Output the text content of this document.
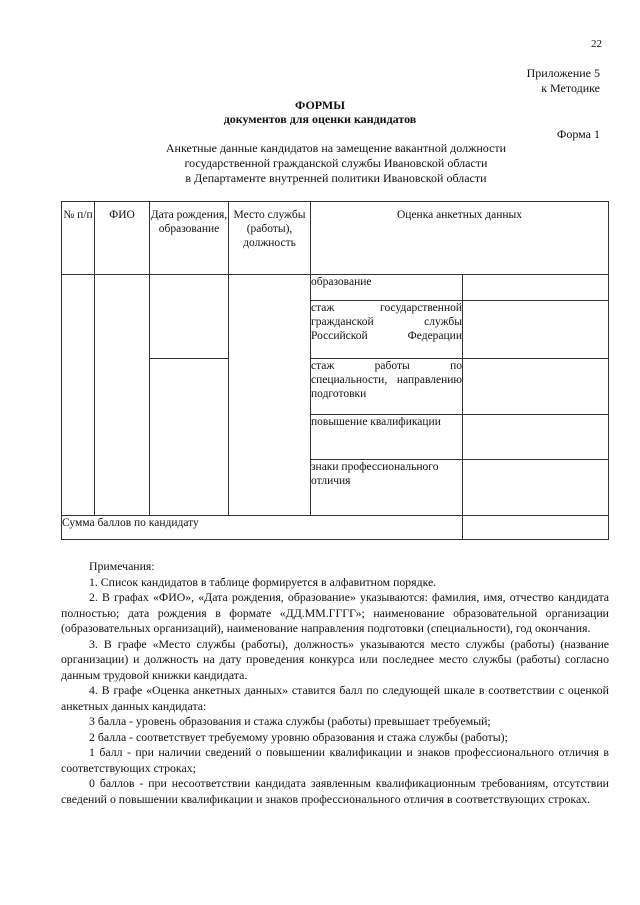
22
Приложение 5
к Методике
ФОРМЫ
документов для оценки кандидатов
Форма 1
Анкетные данные кандидатов на замещение вакантной должности
государственной гражданской службы Ивановской области
в Департаменте внутренней политики Ивановской области
№ п/п	ФИО	Дата рождения, образование	Место службы (работы), должность	Оценка анкетных данных	
				образование	
				стаж государственной гражданской службы Российской Федерации	
				стаж работы по специальности, направлению подготовки	
				повышение квалификации	
				знаки профессионального отличия	
Сумма баллов по кандидату					

Примечания:

1. Список кандидатов в таблице формируется в алфавитном порядке.

2. В графах «ФИО», «Дата рождения, образование» указываются: фамилия, имя, отчество кандидата полностью; дата рождения в формате «ДД.ММ.ГГГГ»; наименование образовательной организации (образовательных организаций), наименование направления подготовки (специальности), год окончания.

3. В графе «Место службы (работы), должность» указываются место службы (работы) (название организации) и должность на дату проведения конкурса или последнее место службы (работы) согласно данным трудовой книжки кандидата.

4. В графе «Оценка анкетных данных» ставится балл по следующей шкале в соответствии с оценкой анкетных данных кандидата:

3 балла - уровень образования и стажа службы (работы) превышает требуемый;

2 балла - соответствует требуемому уровню образования и стажа службы (работы);

1 балл - при наличии сведений о повышении квалификации и знаков профессионального отличия в соответствующих строках;

0 баллов - при несоответствии кандидата заявленным квалификационным требованиям, отсутствии сведений о повышении квалификации и знаков профессионального отличия в соответствующих строках.
